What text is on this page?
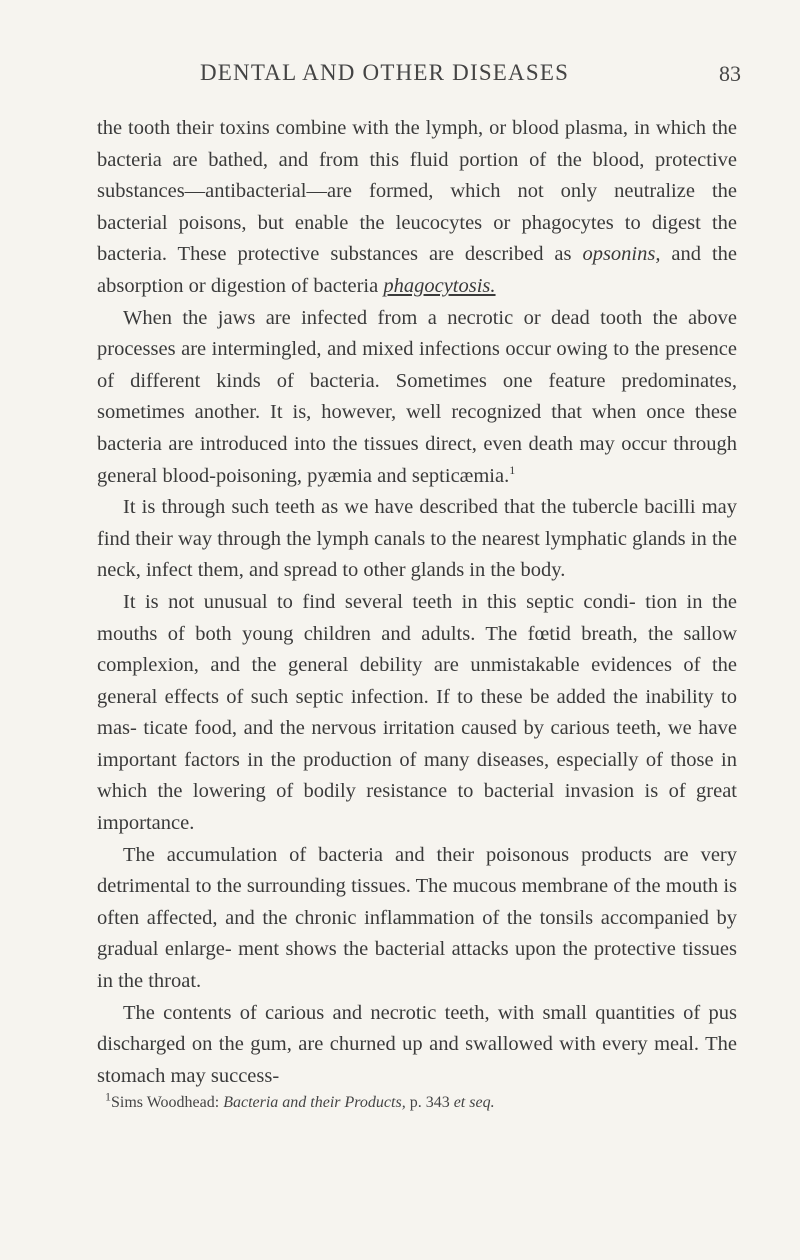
DENTAL AND OTHER DISEASES	83

the tooth their toxins combine with the lymph, or blood plasma, in which the bacteria are bathed, and from this fluid portion of the blood, protective substances—antibacterial—are formed, which not only neutralize the bacterial poisons, but enable the leucocytes or phagocytes to digest the bacteria. These protective substances are described as opsonins, and the absorption or digestion of bacteria phagocytosis.

When the jaws are infected from a necrotic or dead tooth the above processes are intermingled, and mixed infections occur owing to the presence of different kinds of bacteria. Sometimes one feature predominates, sometimes another. It is, however, well recognized that when once these bacteria are introduced into the tissues direct, even death may occur through general blood-poisoning, pyæmia and septicæmia.$^1$

It is through such teeth as we have described that the tubercle bacilli may find their way through the lymph canals to the nearest lymphatic glands in the neck, infect them, and spread to other glands in the body.

It is not unusual to find several teeth in this septic condi- tion in the mouths of both young children and adults. The fœtid breath, the sallow complexion, and the general debility are unmistakable evidences of the general effects of such septic infection. If to these be added the inability to mas- ticate food, and the nervous irritation caused by carious teeth, we have important factors in the production of many diseases, especially of those in which the lowering of bodily resistance to bacterial invasion is of great importance.

The accumulation of bacteria and their poisonous products are very detrimental to the surrounding tissues. The mucous membrane of the mouth is often affected, and the chronic inflammation of the tonsils accompanied by gradual enlarge- ment shows the bacterial attacks upon the protective tissues in the throat.

The contents of carious and necrotic teeth, with small quantities of pus discharged on the gum, are churned up and swallowed with every meal. The stomach may success-

$^1$Sims Woodhead: Bacteria and their Products, p. 343 et seq.
